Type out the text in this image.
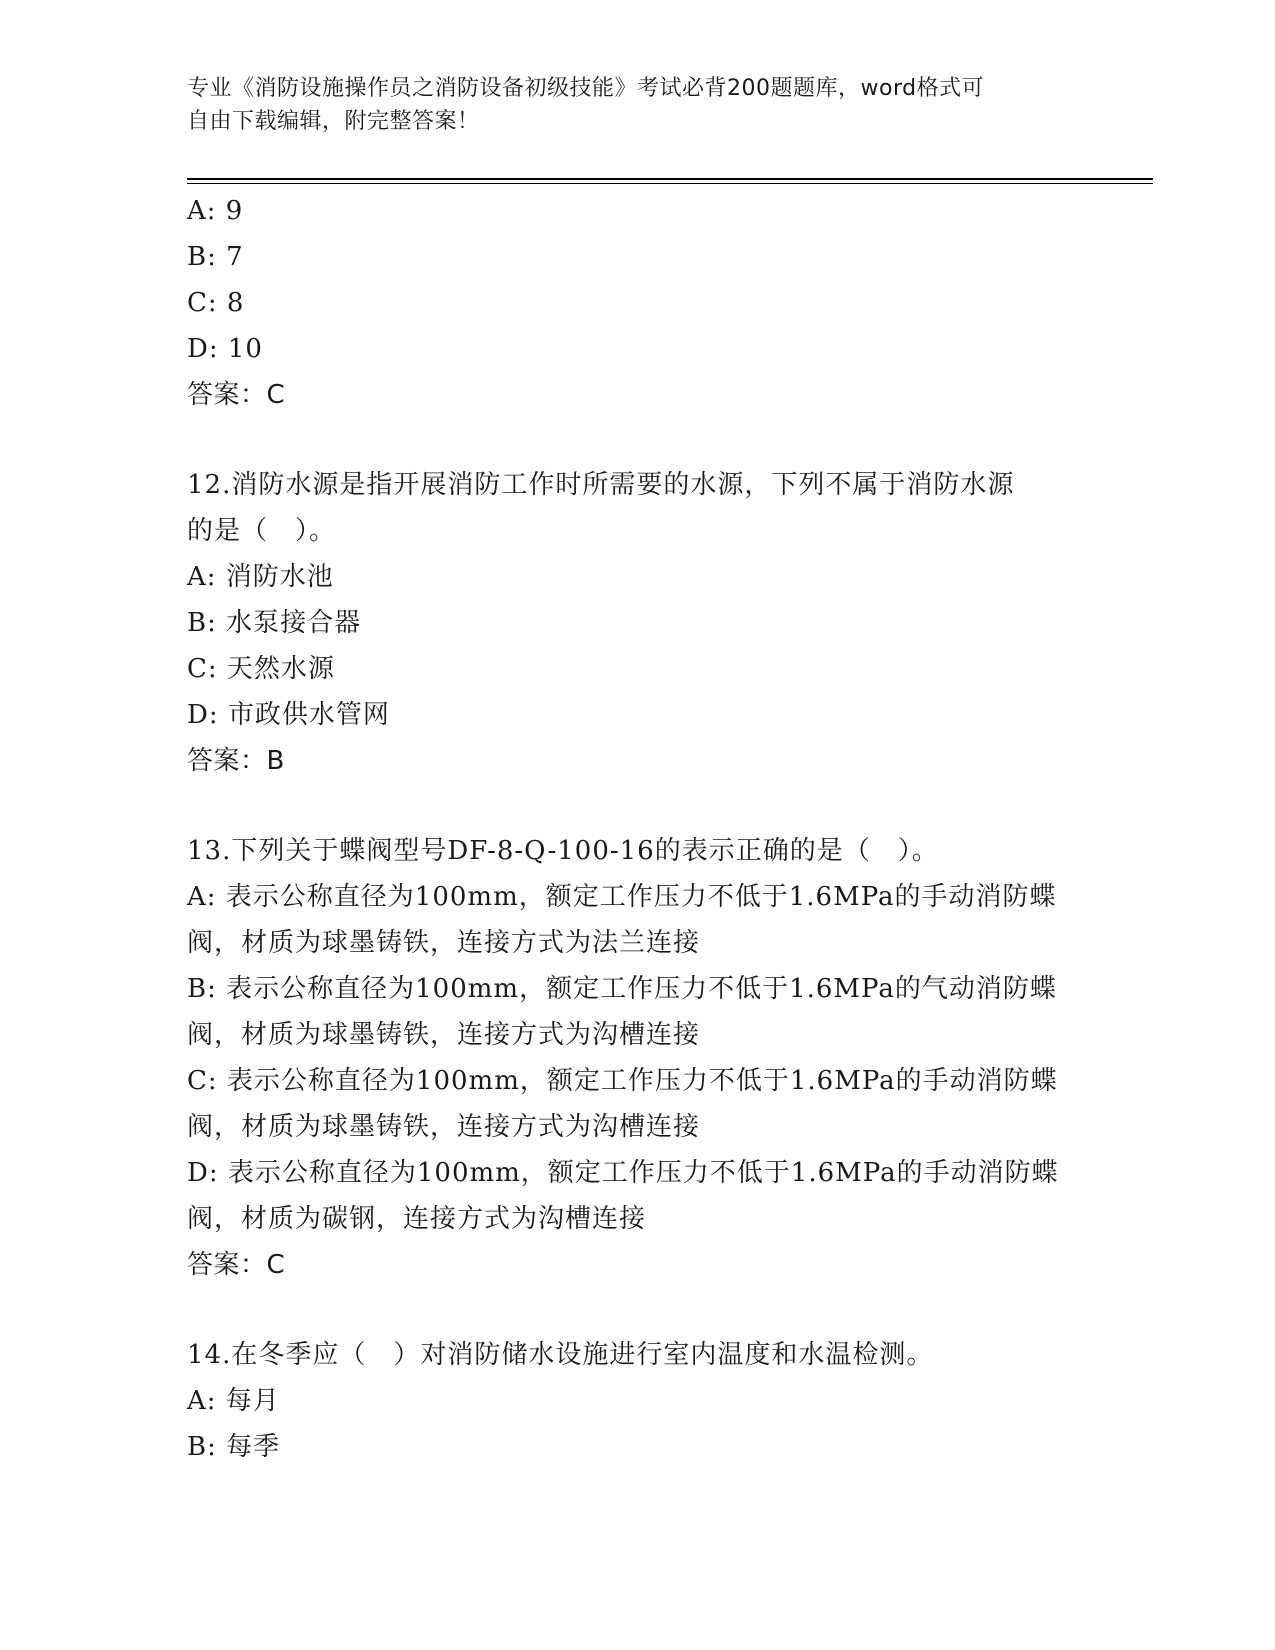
专业《消防设施操作员之消防设备初级技能》考试必背200题题库，word格式可
自由下载编辑，附完整答案！
A: 9
B: 7
C: 8
D: 10
答案：C
12.消防水源是指开展消防工作时所需要的水源，下列不属于消防水源
的是（　）。
A: 消防水池
B: 水泵接合器
C: 天然水源
D: 市政供水管网
答案：B
13.下列关于蝶阀型号DF-8-Q-100-16的表示正确的是（　）。
A: 表示公称直径为100mm，额定工作压力不低于1.6MPa的手动消防蝶
阀，材质为球墨铸铁，连接方式为法兰连接
B: 表示公称直径为100mm，额定工作压力不低于1.6MPa的气动消防蝶
阀，材质为球墨铸铁，连接方式为沟槽连接
C: 表示公称直径为100mm，额定工作压力不低于1.6MPa的手动消防蝶
阀，材质为球墨铸铁，连接方式为沟槽连接
D: 表示公称直径为100mm，额定工作压力不低于1.6MPa的手动消防蝶
阀，材质为碳钢，连接方式为沟槽连接
答案：C
14.在冬季应（　）对消防储水设施进行室内温度和水温检测。
A: 每月
B: 每季
